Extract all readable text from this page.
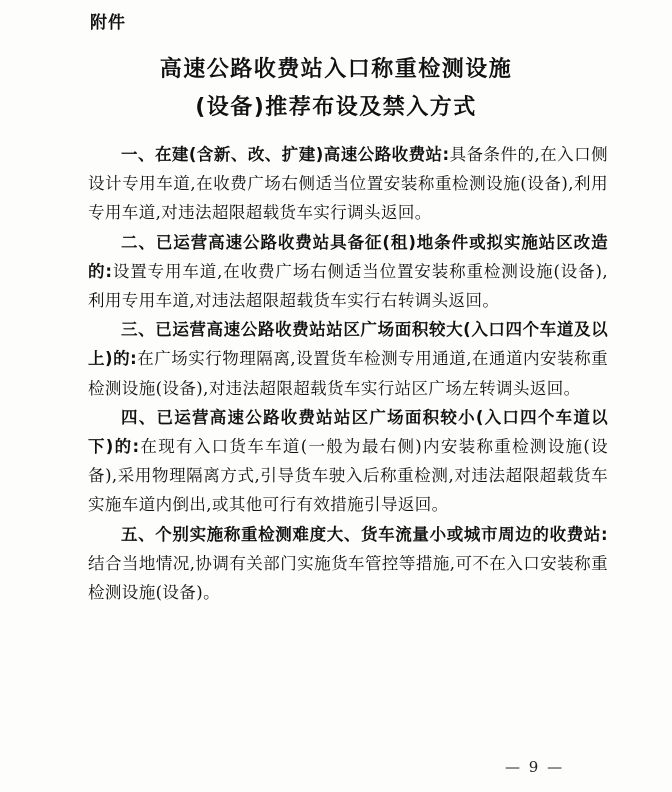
附件
高速公路收费站入口称重检测设施
(设备)推荐布设及禁入方式

一、在建(含新、改、扩建)高速公路收费站:具备条件的,在入口侧设计专用车道,在收费广场右侧适当位置安装称重检测设施(设备),利用专用车道,对违法超限超载货车实行调头返回。

二、已运营高速公路收费站具备征(租)地条件或拟实施站区改造的:设置专用车道,在收费广场右侧适当位置安装称重检测设施(设备),利用专用车道,对违法超限超载货车实行右转调头返回。

三、已运营高速公路收费站站区广场面积较大(入口四个车道及以上)的:在广场实行物理隔离,设置货车检测专用通道,在通道内安装称重检测设施(设备),对违法超限超载货车实行站区广场左转调头返回。

四、已运营高速公路收费站站区广场面积较小(入口四个车道以下)的:在现有入口货车车道(一般为最右侧)内安装称重检测设施(设备),采用物理隔离方式,引导货车驶入后称重检测,对违法超限超载货车实施车道内倒出,或其他可行有效措施引导返回。

五、个别实施称重检测难度大、货车流量小或城市周边的收费站:结合当地情况,协调有关部门实施货车管控等措施,可不在入口安装称重检测设施(设备)。

— 9 —
